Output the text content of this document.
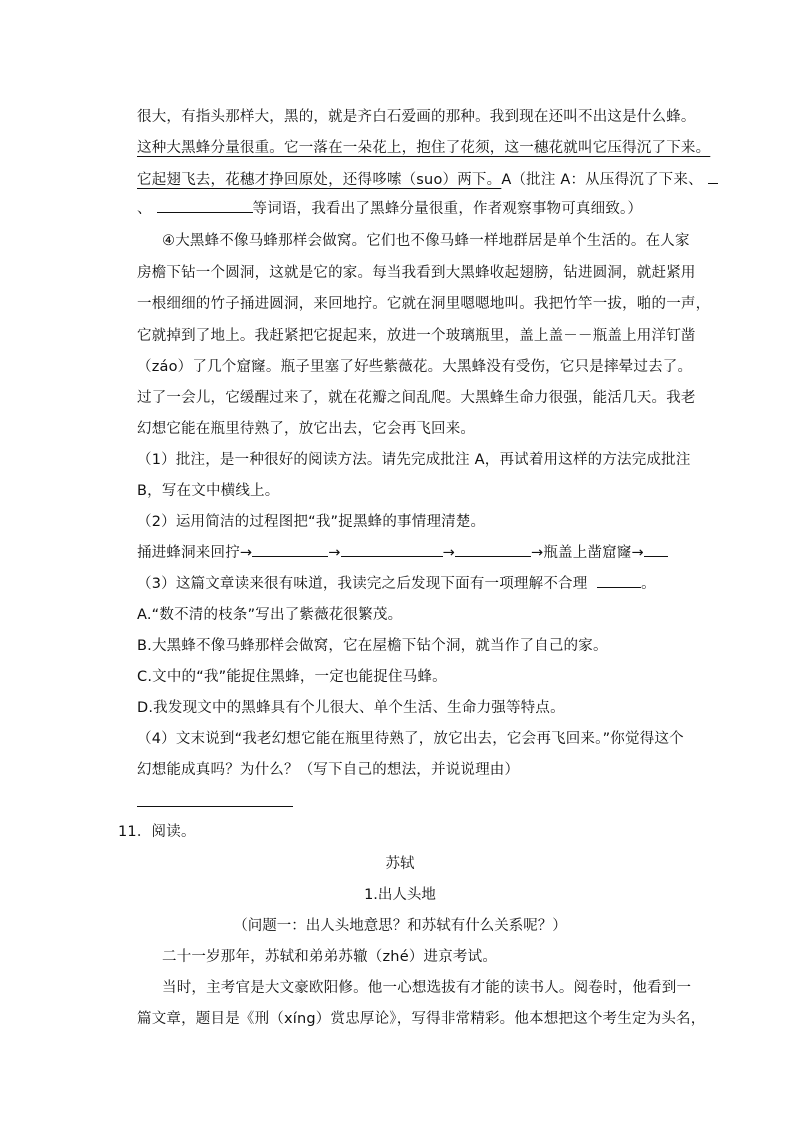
很大，有指头那样大，黑的，就是齐白石爱画的那种。我到现在还叫不出这是什么蜂。
这种大黑蜂分量很重。它一落在一朵花上，抱住了花须，这一穗花就叫它压得沉了下来。
它起翅飞去，花穗才挣回原处，还得哆嗦（suo）两下。A（批注 A：从压得沉了下来、
、	等词语，我看出了黑蜂分量很重，作者观察事物可真细致。）
④大黑蜂不像马蜂那样会做窝。它们也不像马蜂一样地群居是单个生活的。在人家
房檐下钻一个圆洞，这就是它的家。每当我看到大黑蜂收起翅膀，钻进圆洞，就赶紧用
一根细细的竹子捅进圆洞，来回地拧。它就在洞里嗯嗯地叫。我把竹竿一拔，啪的一声，
它就掉到了地上。我赶紧把它捉起来，放进一个玻璃瓶里，盖上盖－－瓶盖上用洋钉凿
（záo）了几个窟窿。瓶子里塞了好些紫薇花。大黑蜂没有受伤，它只是摔晕过去了。
过了一会儿，它缓醒过来了，就在花瓣之间乱爬。大黑蜂生命力很强，能活几天。我老
幻想它能在瓶里待熟了，放它出去，它会再飞回来。
（1）批注，是一种很好的阅读方法。请先完成批注 A，再试着用这样的方法完成批注
B，写在文中横线上。
（2）运用简洁的过程图把“我”捉黑蜂的事情理清楚。
捅进蜂洞来回拧→	→	→	→瓶盖上凿窟窿→
（3）这篇文章读来很有味道，我读完之后发现下面有一项理解不合理	。
A.“数不清的枝条”写出了紫薇花很繁茂。
B.大黑蜂不像马蜂那样会做窝，它在屋檐下钻个洞，就当作了自己的家。
C.文中的“我”能捉住黑蜂，一定也能捉住马蜂。
D.我发现文中的黑蜂具有个儿很大、单个生活、生命力强等特点。
（4）文末说到“我老幻想它能在瓶里待熟了，放它出去，它会再飞回来。”你觉得这个
幻想能成真吗？为什么？（写下自己的想法，并说说理由）
11．阅读。
苏轼
1.出人头地
（问题一：出人头地意思？和苏轼有什么关系呢？）
二十一岁那年，苏轼和弟弟苏辙（zhé）进京考试。
当时，主考官是大文豪欧阳修。他一心想选拔有才能的读书人。阅卷时，他看到一
篇文章，题目是《刑（xíng）赏忠厚论》，写得非常精彩。他本想把这个考生定为头名，
